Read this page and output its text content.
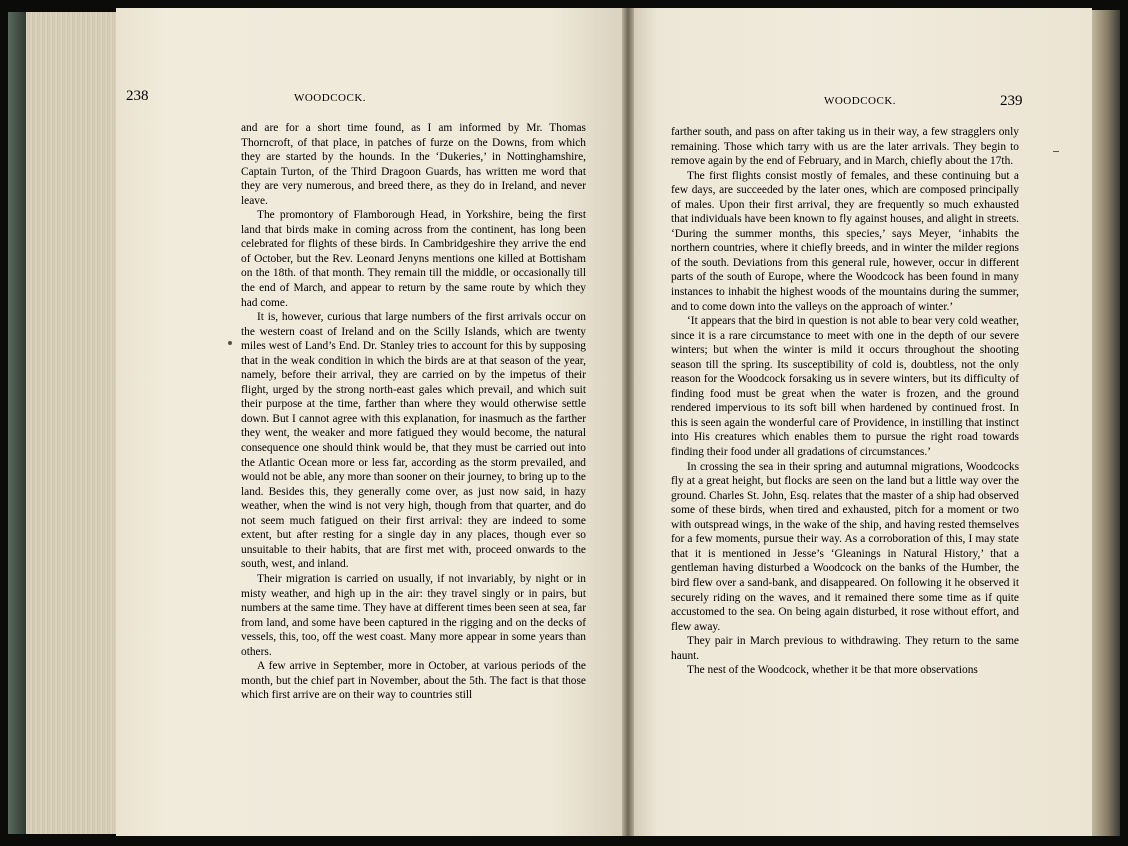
238	WOODCOCK.	WOODCOCK.	239

and are for a short time found, as I am informed by Mr. Thomas Thorncroft, of that place, in patches of furze on the Downs, from which they are started by the hounds. In the ‘Dukeries,’ in Nottinghamshire, Captain Turton, of the Third Dragoon Guards, has written me word that they are very numerous, and breed there, as they do in Ireland, and never leave.

The promontory of Flamborough Head, in Yorkshire, being the first land that birds make in coming across from the continent, has long been celebrated for flights of these birds. In Cambridgeshire they arrive the end of October, but the Rev. Leonard Jenyns mentions one killed at Bottisham on the 18th. of that month. They remain till the middle, or occasionally till the end of March, and appear to return by the same route by which they had come.

It is, however, curious that large numbers of the first arrivals occur on the western coast of Ireland and on the Scilly Islands, which are twenty miles west of Land’s End. Dr. Stanley tries to account for this by supposing that in the weak condition in which the birds are at that season of the year, namely, before their arrival, they are carried on by the impetus of their flight, urged by the strong north-east gales which prevail, and which suit their purpose at the time, farther than where they would otherwise settle down. But I cannot agree with this explanation, for inasmuch as the farther they went, the weaker and more fatigued they would become, the natural consequence one should think would be, that they must be carried out into the Atlantic Ocean more or less far, according as the storm prevailed, and would not be able, any more than sooner on their journey, to bring up to the land. Besides this, they generally come over, as just now said, in hazy weather, when the wind is not very high, though from that quarter, and do not seem much fatigued on their first arrival: they are indeed to some extent, but after resting for a single day in any places, though ever so unsuitable to their habits, that are first met with, proceed onwards to the south, west, and inland.

Their migration is carried on usually, if not invariably, by night or in misty weather, and high up in the air: they travel singly or in pairs, but numbers at the same time. They have at different times been seen at sea, far from land, and some have been captured in the rigging and on the decks of vessels, this, too, off the west coast. Many more appear in some years than others.

A few arrive in September, more in October, at various periods of the month, but the chief part in November, about the 5th. The fact is that those which first arrive are on their way to countries still

farther south, and pass on after taking us in their way, a few stragglers only remaining. Those which tarry with us are the later arrivals. They begin to remove again by the end of February, and in March, chiefly about the 17th.

The first flights consist mostly of females, and these continuing but a few days, are succeeded by the later ones, which are composed principally of males. Upon their first arrival, they are frequently so much exhausted that individuals have been known to fly against houses, and alight in streets. ‘During the summer months, this species,’ says Meyer, ‘inhabits the northern countries, where it chiefly breeds, and in winter the milder regions of the south. Deviations from this general rule, however, occur in different parts of the south of Europe, where the Woodcock has been found in many instances to inhabit the highest woods of the mountains during the summer, and to come down into the valleys on the approach of winter.’

‘It appears that the bird in question is not able to bear very cold weather, since it is a rare circumstance to meet with one in the depth of our severe winters; but when the winter is mild it occurs throughout the shooting season till the spring. Its susceptibility of cold is, doubtless, not the only reason for the Woodcock forsaking us in severe winters, but its difficulty of finding food must be great when the water is frozen, and the ground rendered impervious to its soft bill when hardened by continued frost. In this is seen again the wonderful care of Providence, in instilling that instinct into His creatures which enables them to pursue the right road towards finding their food under all gradations of circumstances.’

In crossing the sea in their spring and autumnal migrations, Woodcocks fly at a great height, but flocks are seen on the land but a little way over the ground. Charles St. John, Esq. relates that the master of a ship had observed some of these birds, when tired and exhausted, pitch for a moment or two with outspread wings, in the wake of the ship, and having rested themselves for a few moments, pursue their way. As a corroboration of this, I may state that it is mentioned in Jesse’s ‘Gleanings in Natural History,’ that a gentleman having disturbed a Woodcock on the banks of the Humber, the bird flew over a sand-bank, and disappeared. On following it he observed it securely riding on the waves, and it remained there some time as if quite accustomed to the sea. On being again disturbed, it rose without effort, and flew away.

They pair in March previous to withdrawing. They return to the same haunt.

The nest of the Woodcock, whether it be that more observations
